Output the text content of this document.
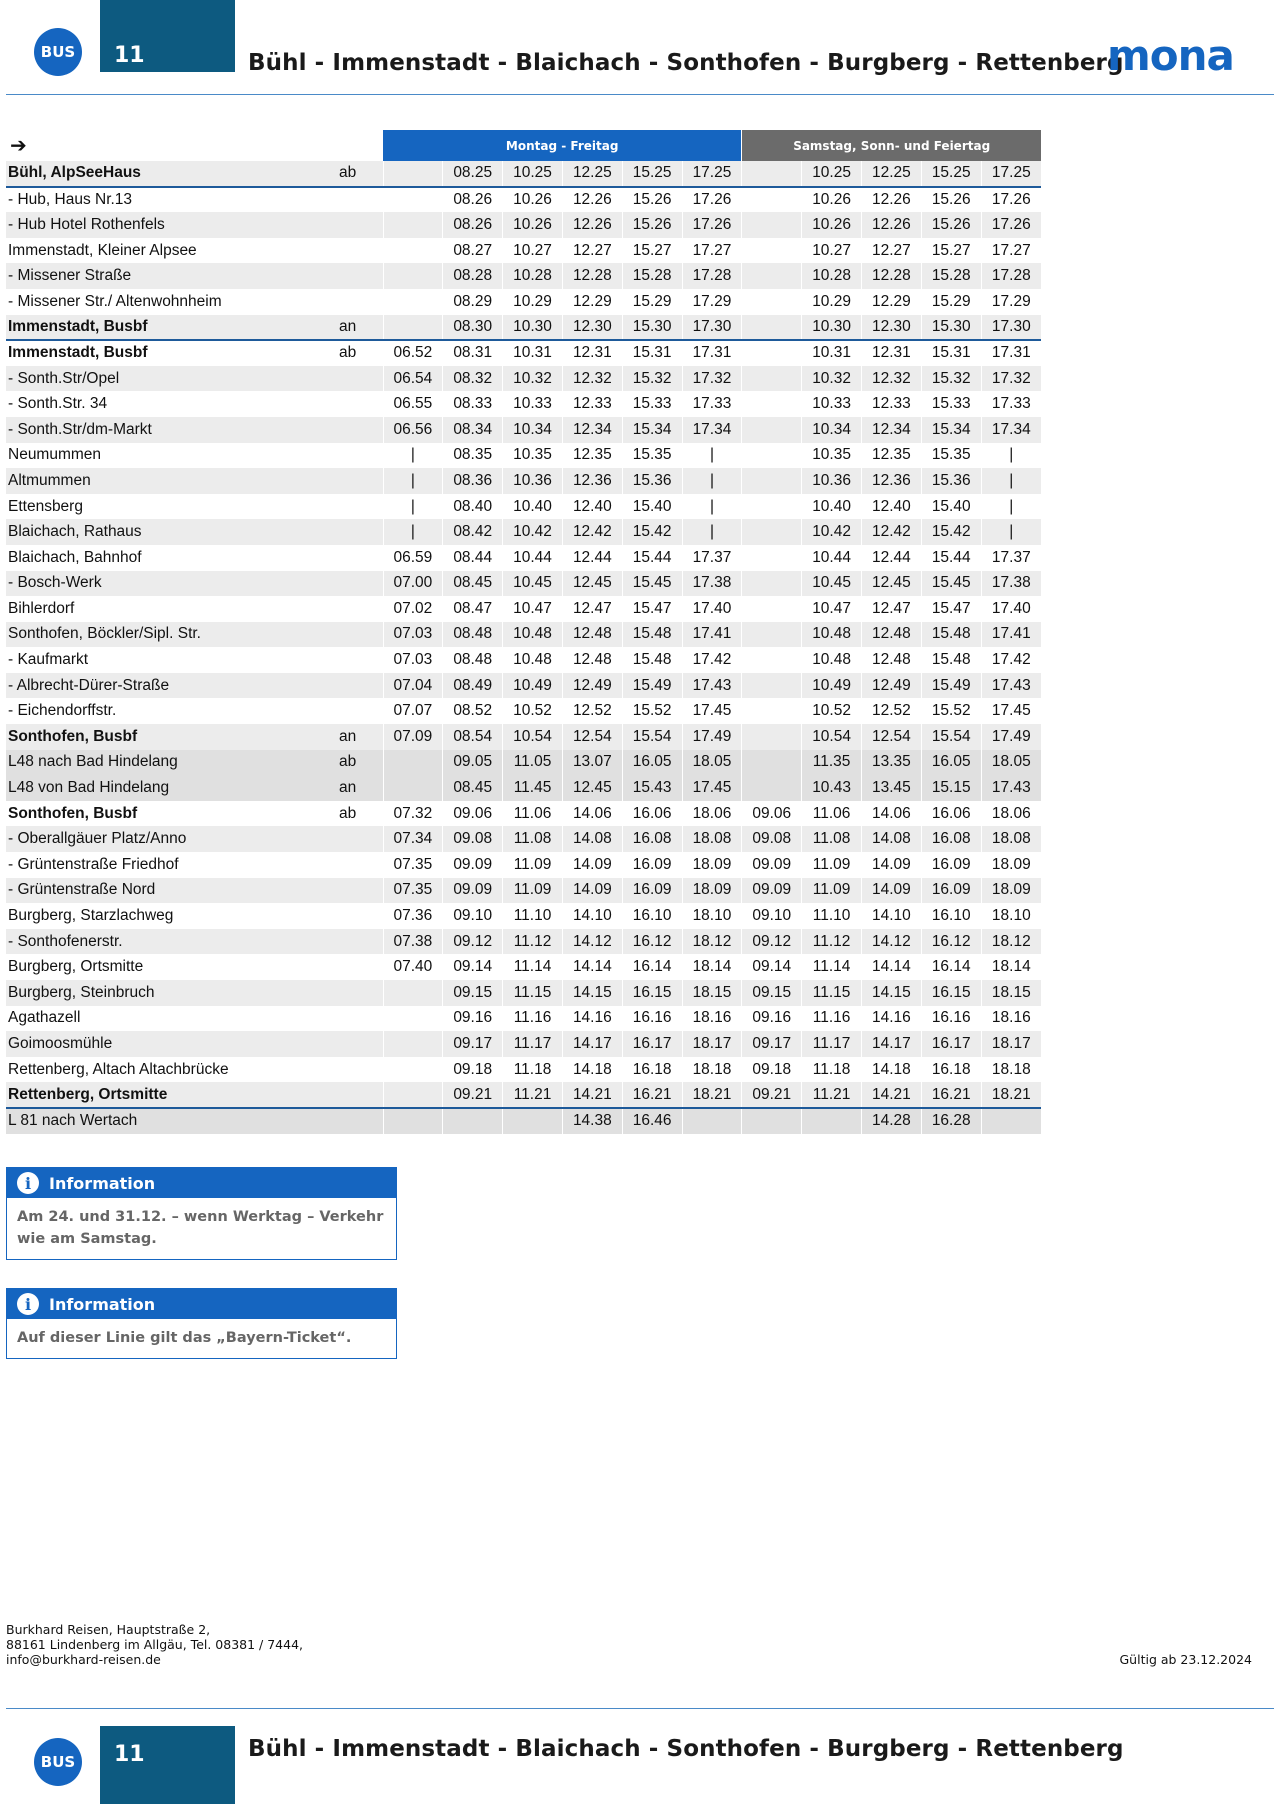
BUS	11	Bühl - Immenstadt - Blaichach - Sonthofen - Burgberg - Rettenberg
mona
➔		Montag - Freitag						Samstag, Sonn- und Feiertag				
Bühl, AlpSeeHaus	ab		08.25	10.25	12.25	15.25	17.25		10.25	12.25	15.25	17.25
- Hub, Haus Nr.13			08.26	10.26	12.26	15.26	17.26		10.26	12.26	15.26	17.26
- Hub Hotel Rothenfels			08.26	10.26	12.26	15.26	17.26		10.26	12.26	15.26	17.26
Immenstadt, Kleiner Alpsee			08.27	10.27	12.27	15.27	17.27		10.27	12.27	15.27	17.27
- Missener Straße			08.28	10.28	12.28	15.28	17.28		10.28	12.28	15.28	17.28
- Missener Str./ Altenwohnheim			08.29	10.29	12.29	15.29	17.29		10.29	12.29	15.29	17.29
Immenstadt, Busbf	an		08.30	10.30	12.30	15.30	17.30		10.30	12.30	15.30	17.30
Immenstadt, Busbf	ab	06.52	08.31	10.31	12.31	15.31	17.31		10.31	12.31	15.31	17.31
- Sonth.Str/Opel		06.54	08.32	10.32	12.32	15.32	17.32		10.32	12.32	15.32	17.32
- Sonth.Str. 34		06.55	08.33	10.33	12.33	15.33	17.33		10.33	12.33	15.33	17.33
- Sonth.Str/dm-Markt		06.56	08.34	10.34	12.34	15.34	17.34		10.34	12.34	15.34	17.34
Neumummen		|	08.35	10.35	12.35	15.35	|		10.35	12.35	15.35	|
Altmummen		|	08.36	10.36	12.36	15.36	|		10.36	12.36	15.36	|
Ettensberg		|	08.40	10.40	12.40	15.40	|		10.40	12.40	15.40	|
Blaichach, Rathaus		|	08.42	10.42	12.42	15.42	|		10.42	12.42	15.42	|
Blaichach, Bahnhof		06.59	08.44	10.44	12.44	15.44	17.37		10.44	12.44	15.44	17.37
- Bosch-Werk		07.00	08.45	10.45	12.45	15.45	17.38		10.45	12.45	15.45	17.38
Bihlerdorf		07.02	08.47	10.47	12.47	15.47	17.40		10.47	12.47	15.47	17.40
Sonthofen, Böckler/Sipl. Str.		07.03	08.48	10.48	12.48	15.48	17.41		10.48	12.48	15.48	17.41
- Kaufmarkt		07.03	08.48	10.48	12.48	15.48	17.42		10.48	12.48	15.48	17.42
- Albrecht-Dürer-Straße		07.04	08.49	10.49	12.49	15.49	17.43		10.49	12.49	15.49	17.43
- Eichendorffstr.		07.07	08.52	10.52	12.52	15.52	17.45		10.52	12.52	15.52	17.45
Sonthofen, Busbf	an	07.09	08.54	10.54	12.54	15.54	17.49		10.54	12.54	15.54	17.49
L48 nach Bad Hindelang	ab		09.05	11.05	13.07	16.05	18.05		11.35	13.35	16.05	18.05
L48 von Bad Hindelang	an		08.45	11.45	12.45	15.43	17.45		10.43	13.45	15.15	17.43
Sonthofen, Busbf	ab	07.32	09.06	11.06	14.06	16.06	18.06	09.06	11.06	14.06	16.06	18.06
- Oberallgäuer Platz/Anno		07.34	09.08	11.08	14.08	16.08	18.08	09.08	11.08	14.08	16.08	18.08
- Grüntenstraße Friedhof		07.35	09.09	11.09	14.09	16.09	18.09	09.09	11.09	14.09	16.09	18.09
- Grüntenstraße Nord		07.35	09.09	11.09	14.09	16.09	18.09	09.09	11.09	14.09	16.09	18.09
Burgberg, Starzlachweg		07.36	09.10	11.10	14.10	16.10	18.10	09.10	11.10	14.10	16.10	18.10
- Sonthofenerstr.		07.38	09.12	11.12	14.12	16.12	18.12	09.12	11.12	14.12	16.12	18.12
Burgberg, Ortsmitte		07.40	09.14	11.14	14.14	16.14	18.14	09.14	11.14	14.14	16.14	18.14
Burgberg, Steinbruch			09.15	11.15	14.15	16.15	18.15	09.15	11.15	14.15	16.15	18.15
Agathazell			09.16	11.16	14.16	16.16	18.16	09.16	11.16	14.16	16.16	18.16
Goimoosmühle			09.17	11.17	14.17	16.17	18.17	09.17	11.17	14.17	16.17	18.17
Rettenberg, Altach Altachbrücke			09.18	11.18	14.18	16.18	18.18	09.18	11.18	14.18	16.18	18.18
Rettenberg, Ortsmitte			09.21	11.21	14.21	16.21	18.21	09.21	11.21	14.21	16.21	18.21
L 81 nach Wertach					14.38	16.46				14.28	16.28	
i	Information
Am 24. und 31.12. – wenn Werktag – Verkehr wie am Samstag.
i	Information
Auf dieser Linie gilt das „Bayern-Ticket“.
Burkhard Reisen, Hauptstraße 2,
88161 Lindenberg im Allgäu, Tel. 08381 / 7444,
info@burkhard-reisen.de	Gültig ab 23.12.2024
BUS	11	Bühl - Immenstadt - Blaichach - Sonthofen - Burgberg - Rettenberg
